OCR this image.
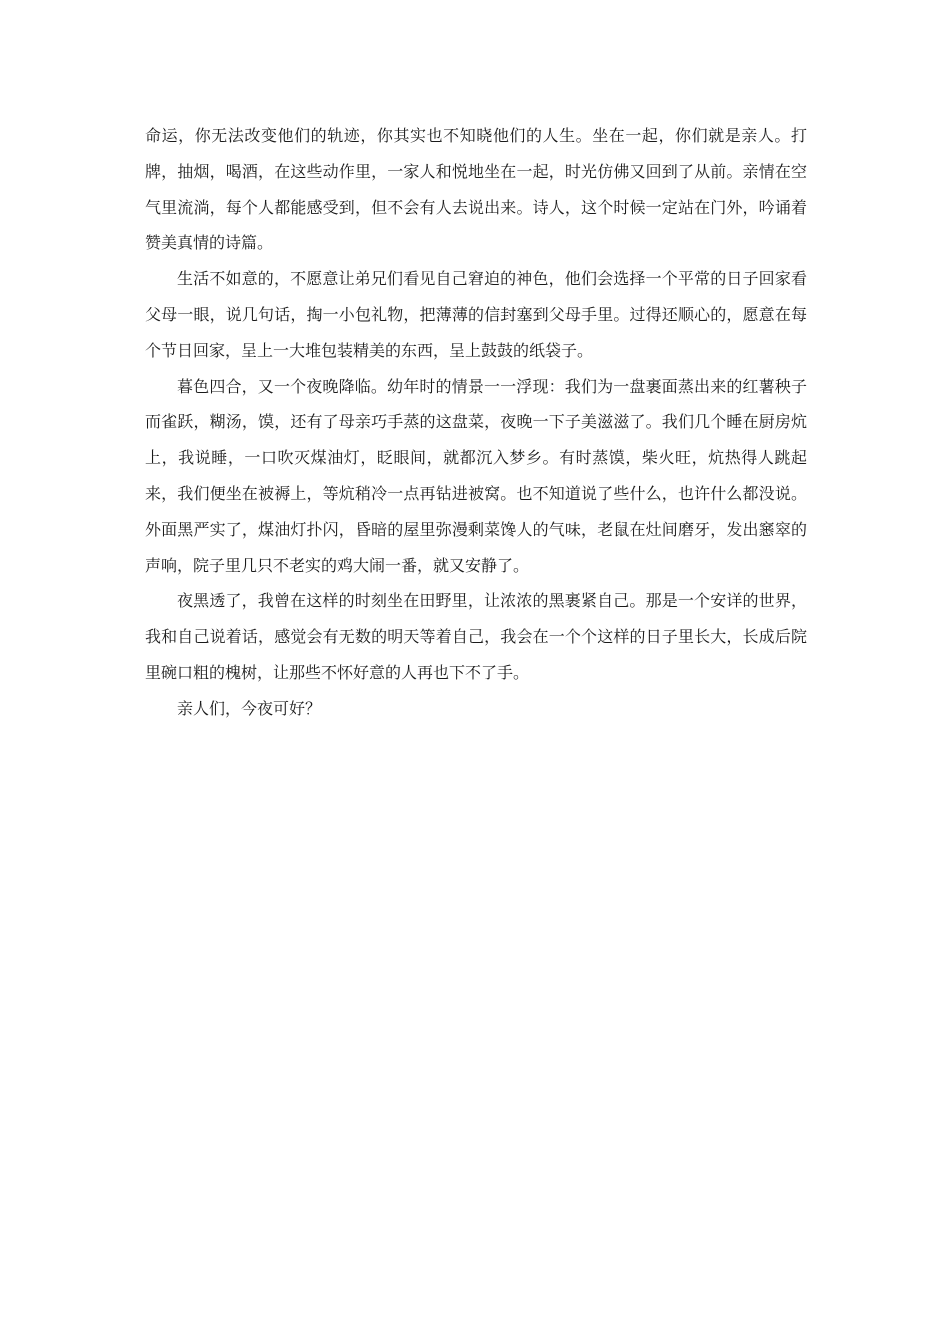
命运，你无法改变他们的轨迹，你其实也不知晓他们的人生。坐在一起，你们就是亲人。打牌，抽烟，喝酒，在这些动作里，一家人和悦地坐在一起，时光仿佛又回到了从前。亲情在空气里流淌，每个人都能感受到，但不会有人去说出来。诗人，这个时候一定站在门外，吟诵着赞美真情的诗篇。

生活不如意的，不愿意让弟兄们看见自己窘迫的神色，他们会选择一个平常的日子回家看父母一眼，说几句话，掏一小包礼物，把薄薄的信封塞到父母手里。过得还顺心的，愿意在每个节日回家，呈上一大堆包装精美的东西，呈上鼓鼓的纸袋子。

暮色四合，又一个夜晚降临。幼年时的情景一一浮现：我们为一盘裹面蒸出来的红薯秧子而雀跃，糊汤，馍，还有了母亲巧手蒸的这盘菜，夜晚一下子美滋滋了。我们几个睡在厨房炕上，我说睡，一口吹灭煤油灯，眨眼间，就都沉入梦乡。有时蒸馍，柴火旺，炕热得人跳起来，我们便坐在被褥上，等炕稍冷一点再钻进被窝。也不知道说了些什么，也许什么都没说。外面黑严实了，煤油灯扑闪，昏暗的屋里弥漫剩菜馋人的气味，老鼠在灶间磨牙，发出窸窣的声响，院子里几只不老实的鸡大闹一番，就又安静了。

夜黑透了，我曾在这样的时刻坐在田野里，让浓浓的黑裹紧自己。那是一个安详的世界，我和自己说着话，感觉会有无数的明天等着自己，我会在一个个这样的日子里长大，长成后院里碗口粗的槐树，让那些不怀好意的人再也下不了手。

亲人们，今夜可好？
